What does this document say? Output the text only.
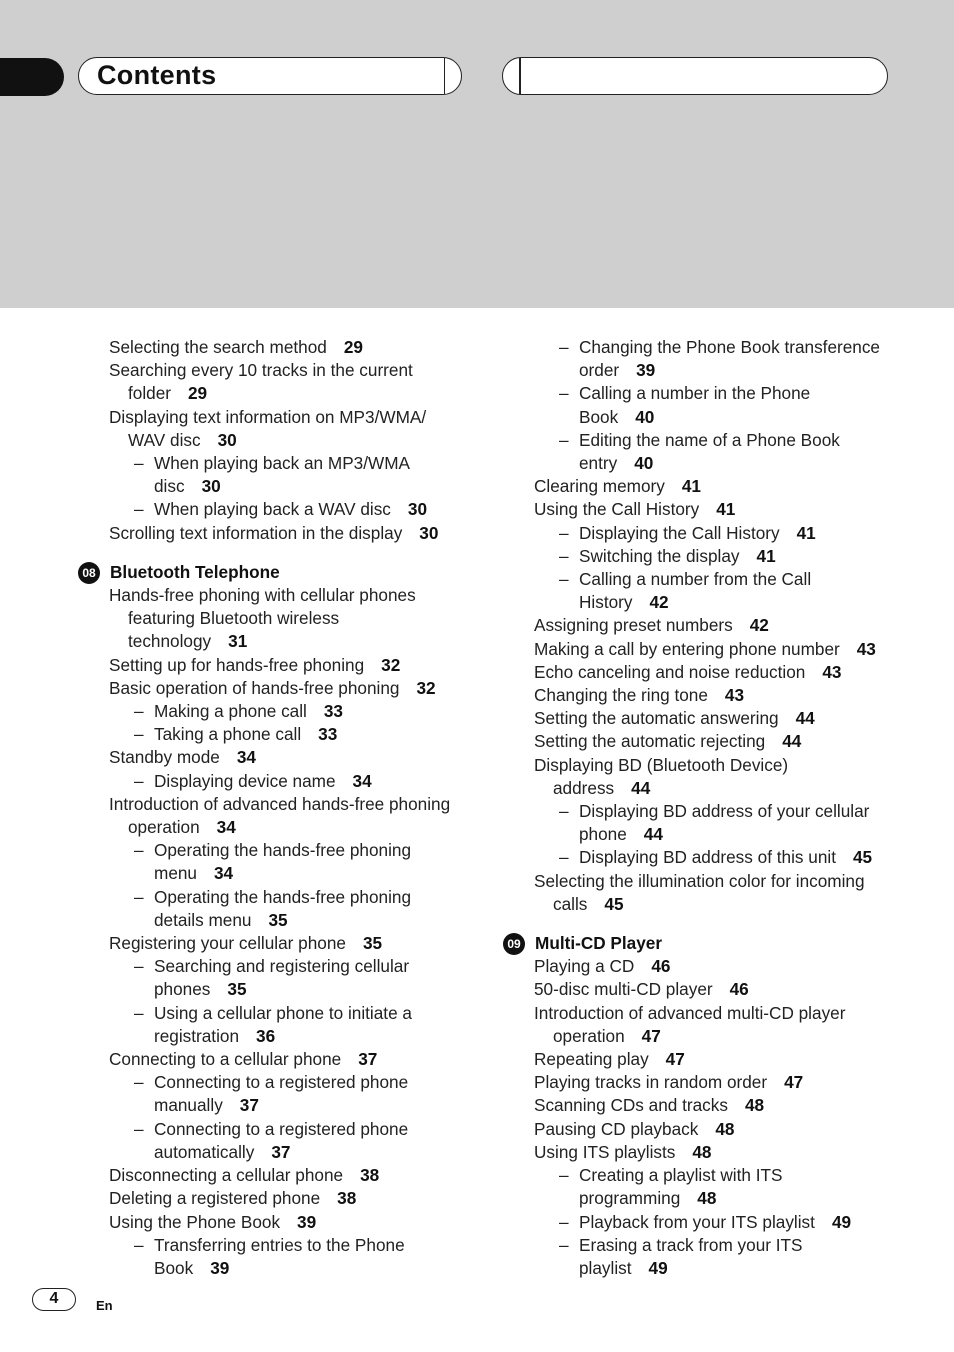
Contents
Selecting the search method 29
Searching every 10 tracks in the current
folder 29
Displaying text information on MP3/WMA/
WAV disc 30
– When playing back an MP3/WMA
disc 30
– When playing back a WAV disc 30
Scrolling text information in the display 30
08 Bluetooth Telephone
Hands-free phoning with cellular phones
featuring Bluetooth wireless
technology 31
Setting up for hands-free phoning 32
Basic operation of hands-free phoning 32
– Making a phone call 33
– Taking a phone call 33
Standby mode 34
– Displaying device name 34
Introduction of advanced hands-free phoning
operation 34
– Operating the hands-free phoning
menu 34
– Operating the hands-free phoning
details menu 35
Registering your cellular phone 35
– Searching and registering cellular
phones 35
– Using a cellular phone to initiate a
registration 36
Connecting to a cellular phone 37
– Connecting to a registered phone
manually 37
– Connecting to a registered phone
automatically 37
Disconnecting a cellular phone 38
Deleting a registered phone 38
Using the Phone Book 39
– Transferring entries to the Phone
Book 39
– Changing the Phone Book transference
order 39
– Calling a number in the Phone
Book 40
– Editing the name of a Phone Book
entry 40
Clearing memory 41
Using the Call History 41
– Displaying the Call History 41
– Switching the display 41
– Calling a number from the Call
History 42
Assigning preset numbers 42
Making a call by entering phone number 43
Echo canceling and noise reduction 43
Changing the ring tone 43
Setting the automatic answering 44
Setting the automatic rejecting 44
Displaying BD (Bluetooth Device)
address 44
– Displaying BD address of your cellular
phone 44
– Displaying BD address of this unit 45
Selecting the illumination color for incoming
calls 45
09 Multi-CD Player
Playing a CD 46
50-disc multi-CD player 46
Introduction of advanced multi-CD player
operation 47
Repeating play 47
Playing tracks in random order 47
Scanning CDs and tracks 48
Pausing CD playback 48
Using ITS playlists 48
– Creating a playlist with ITS
programming 48
– Playback from your ITS playlist 49
– Erasing a track from your ITS
playlist 49
4	En
